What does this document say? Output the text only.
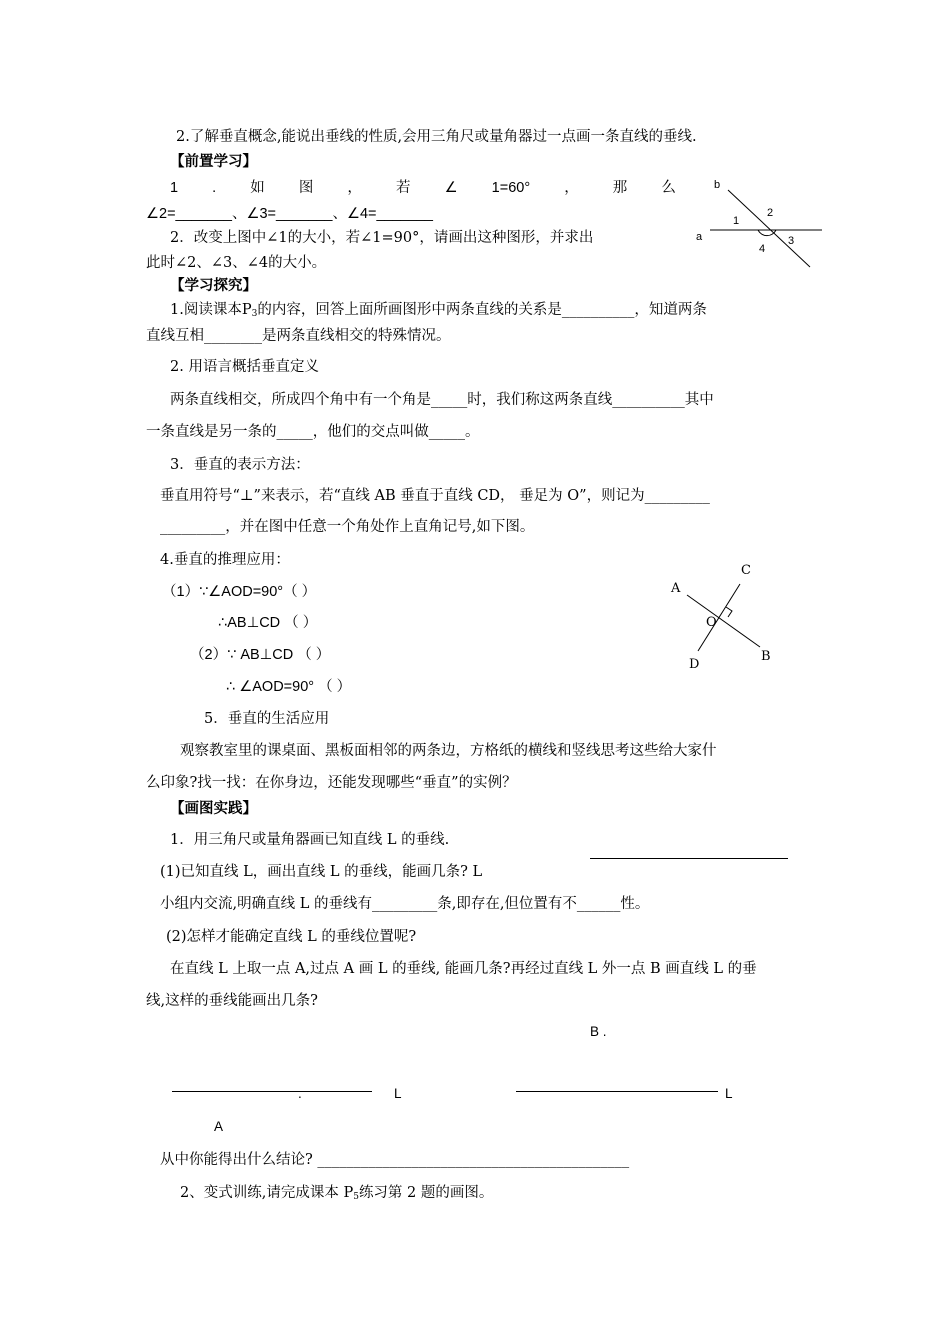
2.了解垂直概念,能说出垂线的性质,会用三角尺或量角器过一点画一条直线的垂线.
【前置学习】
1 . 如 图 ， 若 ∠ 1=60° ， 那 么
∠2=_______、∠3=_______、∠4=_______
2．改变上图中∠1的大小，若∠1=90°，请画出这种图形，并求出
此时∠2、∠3、∠4的大小。
b
a
1
2
3
4
【学习探究】
1.阅读课本$P_3$的内容，回答上面所画图形中两条直线的关系是__________，知道两条
直线互相________是两条直线相交的特殊情况。
2. 用语言概括垂直定义
两条直线相交，所成四个角中有一个角是_____时，我们称这两条直线__________其中
一条直线是另一条的_____，他们的交点叫做_____。
3．垂直的表示方法：
垂直用符号“⊥”来表示，若“直线 AB 垂直于直线 CD， 垂足为 O”，则记为_________
_________，并在图中任意一个角处作上直角记号,如下图。
4.垂直的推理应用：
（1）∵∠AOD=90°（ ）
∴AB⊥CD （ ）
（2）∵ AB⊥CD （ ）
∴ ∠AOD=90° （ ）
A
C
O
B
D
5．垂直的生活应用
观察教室里的课桌面、黑板面相邻的两条边，方格纸的横线和竖线思考这些给大家什
么印象?找一找：在你身边，还能发现哪些“垂直”的实例？
【画图实践】
1．用三角尺或量角器画已知直线 L 的垂线.
(1)已知直线 L，画出直线 L 的垂线，能画几条? L
小组内交流,明确直线 L 的垂线有_________条,即存在,但位置有不______性。
(2)怎样才能确定直线 L 的垂线位置呢?
在直线 L 上取一点 A,过点 A 画 L 的垂线, 能画几条?再经过直线 L 外一点 B 画直线 L 的垂
线,这样的垂线能画出几条?
B .
.	L	L
A
从中你能得出什么结论? ___________________________________________
2、变式训练,请完成课本 $P_5$练习第 2 题的画图。
